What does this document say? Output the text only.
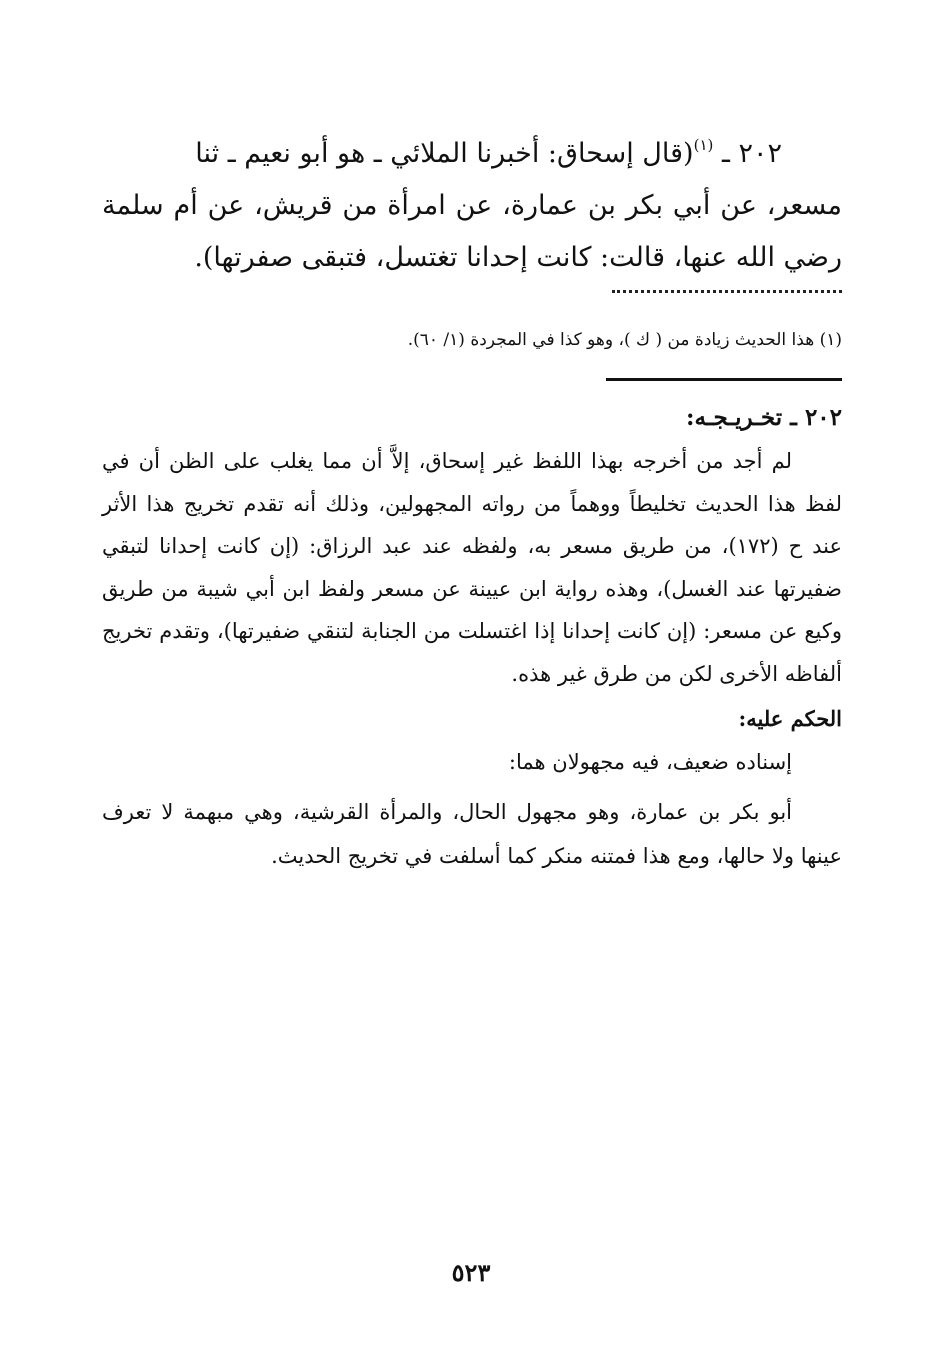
٢٠٢ ـ $^{(١)}$(قال إسحاق: أخبرنا الملائي ـ هو أبو نعيم ـ ثنا

مسعر، عن أبي بكر بن عمارة، عن امرأة من قريش، عن أم سلمة رضي الله عنها، قالت: كانت إحدانا تغتسل، فتبقى صفرتها).

(١) هذا الحديث زيادة من ( ك )، وهو كذا في المجردة (١/ ٦٠).
٢٠٢ ـ تخـريـجـه:

لم أجد من أخرجه بهذا اللفظ غير إسحاق، إلاَّ أن مما يغلب على الظن أن في لفظ هذا الحديث تخليطاً ووهماً من رواته المجهولين، وذلك أنه تقدم تخريج هذا الأثر عند ح (١٧٢)، من طريق مسعر به، ولفظه عند عبد الرزاق: (إن كانت إحدانا لتبقي ضفيرتها عند الغسل)، وهذه رواية ابن عيينة عن مسعر ولفظ ابن أبي شيبة من طريق وكيع عن مسعر: (إن كانت إحدانا إذا اغتسلت من الجنابة لتنقي ضفيرتها)، وتقدم تخريج ألفاظه الأخرى لكن من طرق غير هذه.

الحكم عليه:

إسناده ضعيف، فيه مجهولان هما:

أبو بكر بن عمارة، وهو مجهول الحال، والمرأة القرشية، وهي مبهمة لا تعرف عينها ولا حالها، ومع هذا فمتنه منكر كما أسلفت في تخريج الحديث.

٥٢٣
